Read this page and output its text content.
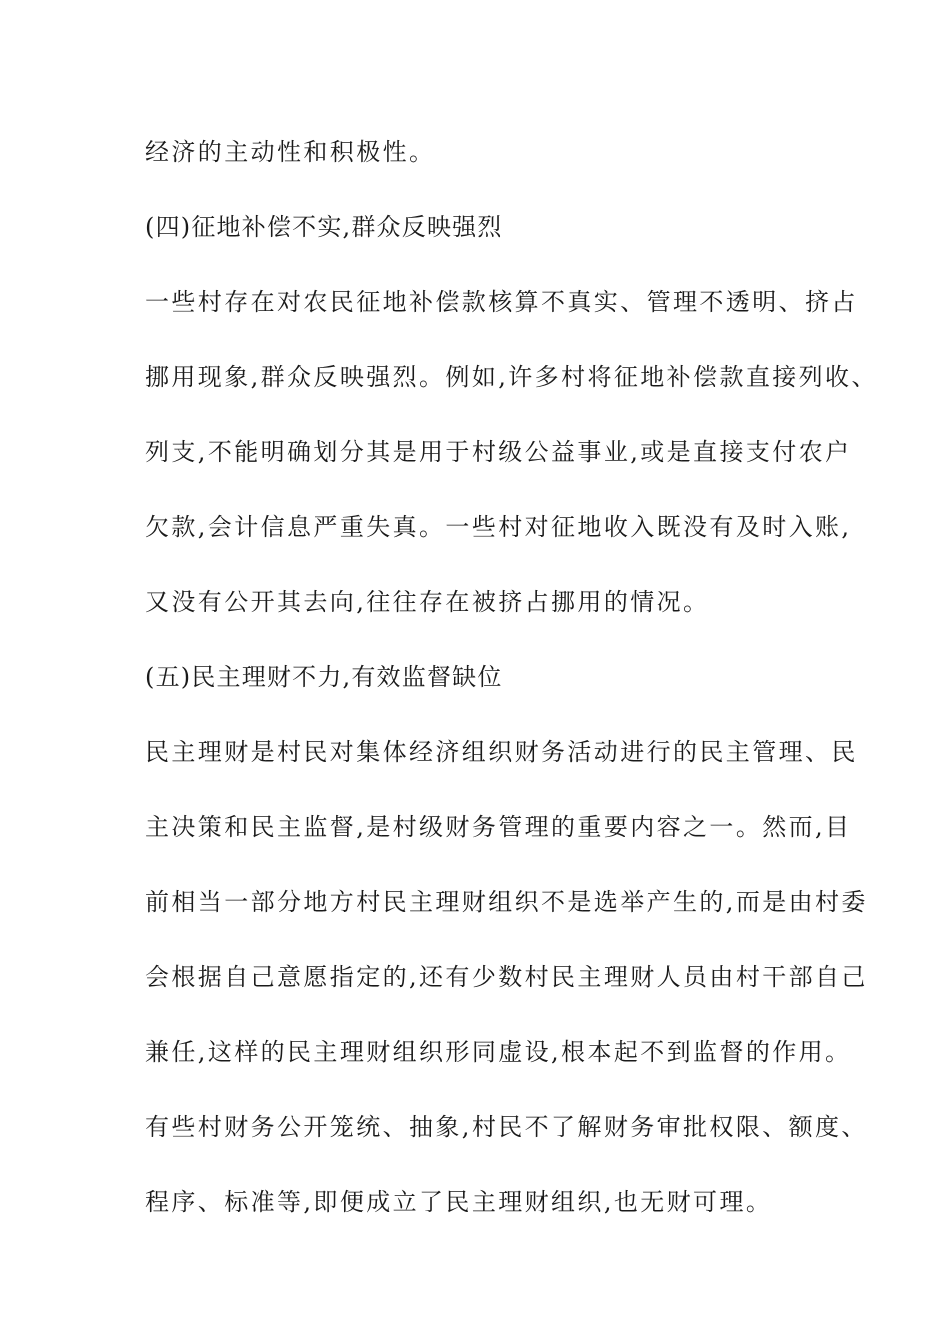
经济的主动性和积极性。
(四)征地补偿不实,群众反映强烈
一些村存在对农民征地补偿款核算不真实、管理不透明、挤占
挪用现象,群众反映强烈。例如,许多村将征地补偿款直接列收、
列支,不能明确划分其是用于村级公益事业,或是直接支付农户
欠款,会计信息严重失真。一些村对征地收入既没有及时入账,
又没有公开其去向,往往存在被挤占挪用的情况。
(五)民主理财不力,有效监督缺位
民主理财是村民对集体经济组织财务活动进行的民主管理、民
主决策和民主监督,是村级财务管理的重要内容之一。然而,目
前相当一部分地方村民主理财组织不是选举产生的,而是由村委
会根据自己意愿指定的,还有少数村民主理财人员由村干部自己
兼任,这样的民主理财组织形同虚设,根本起不到监督的作用。
有些村财务公开笼统、抽象,村民不了解财务审批权限、额度、
程序、标准等,即便成立了民主理财组织,也无财可理。
